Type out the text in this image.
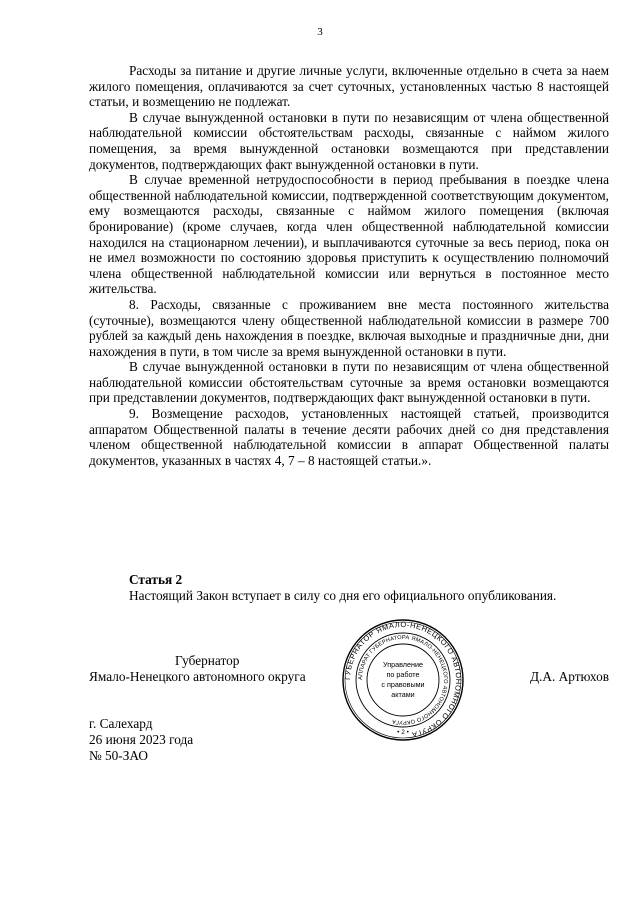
3

Расходы за питание и другие личные услуги, включенные отдельно в счета за наем жилого помещения, оплачиваются за счет суточных, установленных частью 8 настоящей статьи, и возмещению не подлежат.

В случае вынужденной остановки в пути по независящим от члена общественной наблюдательной комиссии обстоятельствам расходы, связанные с наймом жилого помещения, за время вынужденной остановки возмещаются при представлении документов, подтверждающих факт вынужденной остановки в пути.

В случае временной нетрудоспособности в период пребывания в поездке члена общественной наблюдательной комиссии, подтвержденной соответствующим документом, ему возмещаются расходы, связанные с наймом жилого помещения (включая бронирование) (кроме случаев, когда член общественной наблюдательной комиссии находился на стационарном лечении), и выплачиваются суточные за весь период, пока он не имел возможности по состоянию здоровья приступить к осуществлению полномочий члена общественной наблюдательной комиссии или вернуться в постоянное место жительства.

8. Расходы, связанные с проживанием вне места постоянного жительства (суточные), возмещаются члену общественной наблюдательной комиссии в размере 700 рублей за каждый день нахождения в поездке, включая выходные и праздничные дни, дни нахождения в пути, в том числе за время вынужденной остановки в пути.

В случае вынужденной остановки в пути по независящим от члена общественной наблюдательной комиссии обстоятельствам суточные за время остановки возмещаются при представлении документов, подтверждающих факт вынужденной остановки в пути.

9. Возмещение расходов, установленных настоящей статьей, производится аппаратом Общественной палаты в течение десяти рабочих дней со дня представления членом общественной наблюдательной комиссии в аппарат Общественной палаты документов, указанных в частях 4, 7 – 8 настоящей статьи.».

Статья 2

Настоящий Закон вступает в силу со дня его официального опубликования.

Губернатор
Ямало-Ненецкого автономного округа	Д.А. Артюхов
ГУБЕРНАТОР ЯМАЛО-НЕНЕЦКОГО АВТОНОМНОГО ОКРУГА
АППАРАТ ГУБЕРНАТОРА ЯМАЛО-НЕНЕЦКОГО АВТОНОМНОГО ОКРУГА
Управление
по работе
с правовыми
актами
• 2 •
г. Салехард
26 июня 2023 года
№ 50-ЗАО
